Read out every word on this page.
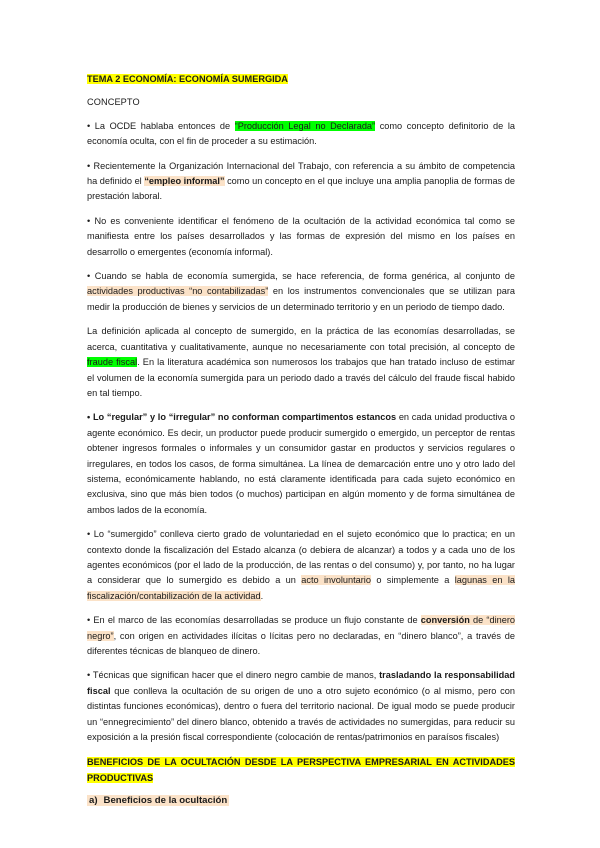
TEMA 2 ECONOMÍA: ECONOMÍA SUMERGIDA
CONCEPTO

• La OCDE hablaba entonces de “Producción Legal no Declarada” como concepto definitorio de la economía oculta, con el fin de proceder a su estimación.

• Recientemente la Organización Internacional del Trabajo, con referencia a su ámbito de competencia ha definido el “empleo informal” como un concepto en el que incluye una amplia panoplia de formas de prestación laboral.

• No es conveniente identificar el fenómeno de la ocultación de la actividad económica tal como se manifiesta entre los países desarrollados y las formas de expresión del mismo en los países en desarrollo o emergentes (economía informal).

• Cuando se habla de economía sumergida, se hace referencia, de forma genérica, al conjunto de actividades productivas “no contabilizadas” en los instrumentos convencionales que se utilizan para medir la producción de bienes y servicios de un determinado territorio y en un periodo de tiempo dado.

La definición aplicada al concepto de sumergido, en la práctica de las economías desarrolladas, se acerca, cuantitativa y cualitativamente, aunque no necesariamente con total precisión, al concepto de fraude fiscal. En la literatura académica son numerosos los trabajos que han tratado incluso de estimar el volumen de la economía sumergida para un periodo dado a través del cálculo del fraude fiscal habido en tal tiempo.

• Lo “regular” y lo “irregular” no conforman compartimentos estancos en cada unidad productiva o agente económico. Es decir, un productor puede producir sumergido o emergido, un perceptor de rentas obtener ingresos formales o informales y un consumidor gastar en productos y servicios regulares o irregulares, en todos los casos, de forma simultánea. La línea de demarcación entre uno y otro lado del sistema, económicamente hablando, no está claramente identificada para cada sujeto económico en exclusiva, sino que más bien todos (o muchos) participan en algún momento y de forma simultánea de ambos lados de la economía.

• Lo “sumergido” conlleva cierto grado de voluntariedad en el sujeto económico que lo practica; en un contexto donde la fiscalización del Estado alcanza (o debiera de alcanzar) a todos y a cada uno de los agentes económicos (por el lado de la producción, de las rentas o del consumo) y, por tanto, no ha lugar a considerar que lo sumergido es debido a un acto involuntario o simplemente a lagunas en la fiscalización/contabilización de la actividad.

• En el marco de las economías desarrolladas se produce un flujo constante de conversión de “dinero negro”, con origen en actividades ilícitas o lícitas pero no declaradas, en “dinero blanco”, a través de diferentes técnicas de blanqueo de dinero.

• Técnicas que significan hacer que el dinero negro cambie de manos, trasladando la responsabilidad fiscal que conlleva la ocultación de su origen de uno a otro sujeto económico (o al mismo, pero con distintas funciones económicas), dentro o fuera del territorio nacional. De igual modo se puede producir un “ennegrecimiento” del dinero blanco, obtenido a través de actividades no sumergidas, para reducir su exposición a la presión fiscal correspondiente (colocación de rentas/patrimonios en paraísos fiscales)

BENEFICIOS DE LA OCULTACIÓN DESDE LA PERSPECTIVA EMPRESARIAL EN ACTIVIDADES PRODUCTIVAS
a) Beneficios de la ocultación
